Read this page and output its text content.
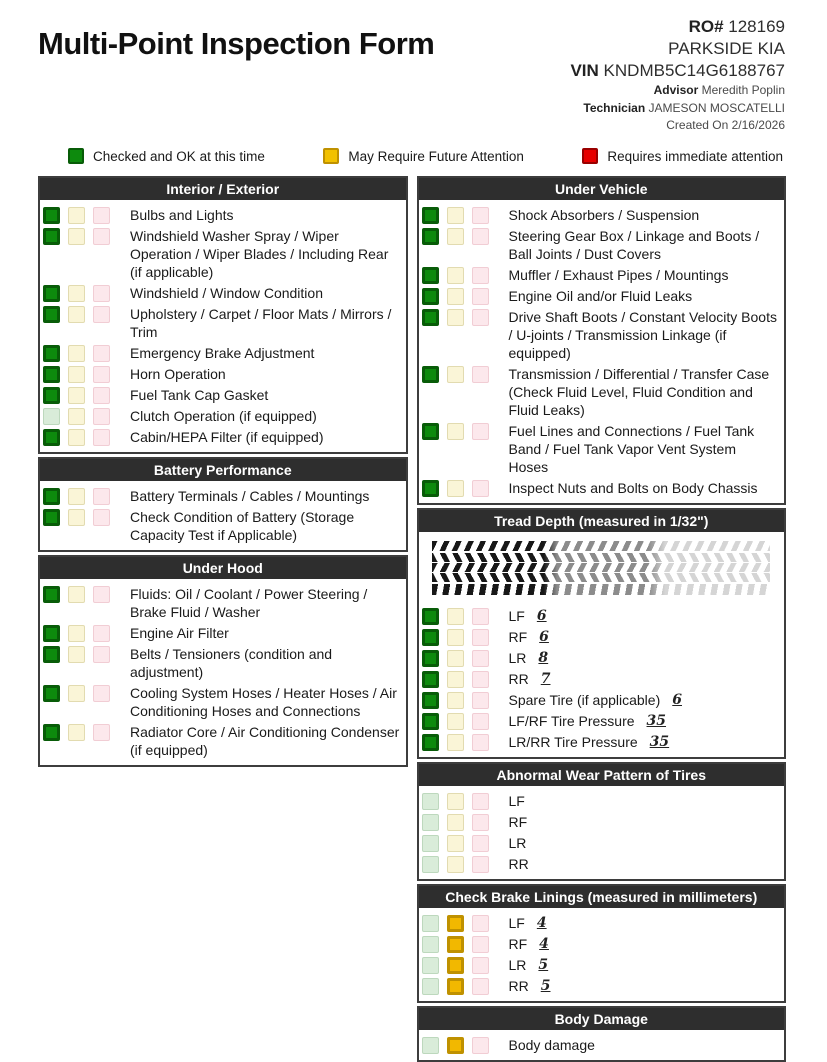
Multi-Point Inspection Form	RO# 128169
PARKSIDE KIA
VIN KNDMB5C14G6188767
Advisor Meredith Poplin
Technician JAMESON MOSCATELLI
Created On 2/16/2026
Checked and OK at this time	May Require Future Attention	Requires immediate attention
Interior / Exterior
Bulbs and Lights
Windshield Washer Spray / Wiper Operation / Wiper Blades / Including Rear (if applicable)
Windshield / Window Condition
Upholstery / Carpet / Floor Mats / Mirrors / Trim
Emergency Brake Adjustment
Horn Operation
Fuel Tank Cap Gasket
Clutch Operation (if equipped)
Cabin/HEPA Filter (if equipped)
Battery Performance
Battery Terminals / Cables / Mountings
Check Condition of Battery (Storage Capacity Test if Applicable)
Under Hood
Fluids: Oil / Coolant / Power Steering / Brake Fluid / Washer
Engine Air Filter
Belts / Tensioners (condition and adjustment)
Cooling System Hoses / Heater Hoses / Air Conditioning Hoses and Connections
Radiator Core / Air Conditioning Condenser (if equipped)
Under Vehicle
Shock Absorbers / Suspension
Steering Gear Box / Linkage and Boots / Ball Joints / Dust Covers
Muffler / Exhaust Pipes / Mountings
Engine Oil and/or Fluid Leaks
Drive Shaft Boots / Constant Velocity Boots / U-joints / Transmission Linkage (if equipped)
Transmission / Differential / Transfer Case (Check Fluid Level, Fluid Condition and Fluid Leaks)
Fuel Lines and Connections / Fuel Tank Band / Fuel Tank Vapor Vent System Hoses
Inspect Nuts and Bolts on Body Chassis
Tread Depth (measured in 1/32")
LF 6
RF 6
LR 8
RR 7
Spare Tire (if applicable) 6
LF/RF Tire Pressure 35
LR/RR Tire Pressure 35
Abnormal Wear Pattern of Tires
LF
RF
LR
RR
Check Brake Linings (measured in millimeters)
LF 4
RF 4
LR 5
RR 5
Body Damage
Body damage
